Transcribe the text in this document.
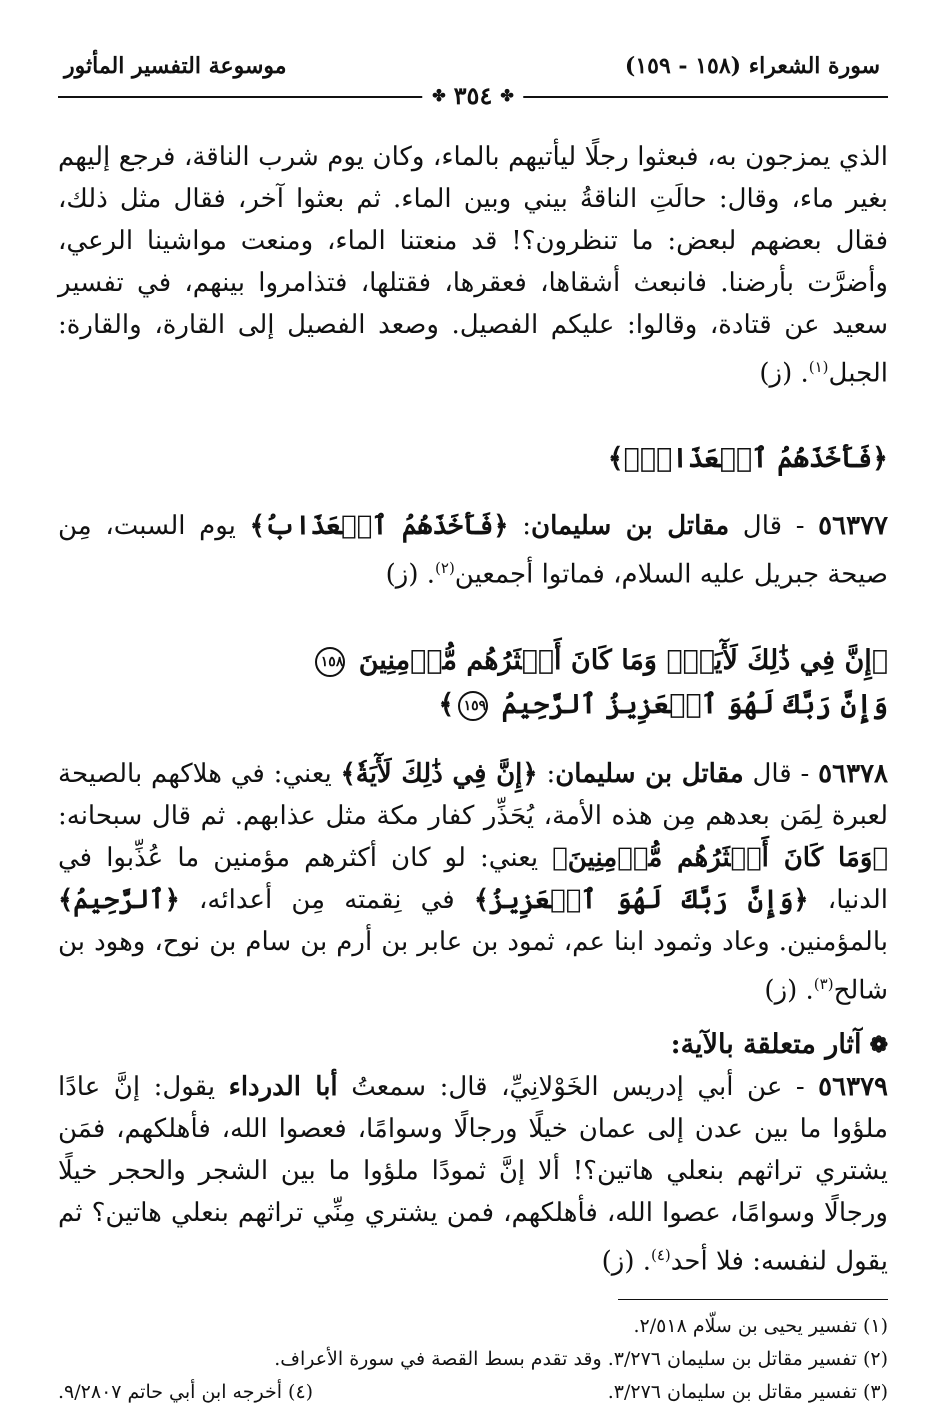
سورة الشعراء (١٥٨ - ١٥٩)
موسوعة التفسير المأثور
✤
٣٥٤
✤

الذي يمزجون به، فبعثوا رجلًا ليأتيهم بالماء، وكان يوم شرب الناقة، فرجع إليهم بغير ماء، وقال: حالَتِ الناقةُ بيني وبين الماء. ثم بعثوا آخر، فقال مثل ذلك، فقال بعضهم لبعض: ما تنظرون؟! قد منعتنا الماء، ومنعت مواشينا الرعي، وأضرَّت بأرضنا. فانبعث أشقاها، فعقرها، فقتلها، فتذامروا بينهم، في تفسير سعيد عن قتادة، وقالوا: عليكم الفصيل. وصعد الفصيل إلى القارة، والقارة: الجبل$^{(١)}$. (ز)

﴿فَأَخَذَهُمُ ٱلۡعَذَابُۚ﴾

٥٦٣٧٧ - قال مقاتل بن سليمان: ﴿فَأَخَذَهُمُ ٱلۡعَذَابُ﴾ يوم السبت، مِن صيحة جبريل عليه السلام، فماتوا أجمعين$^{(٢)}$. (ز)

﴿إِنَّ فِي ذَٰلِكَ لَأٓيَةٗۖ وَمَا كَانَ أَكۡثَرُهُم مُّؤۡمِنِينَ ١٥٨

وَإِنَّ رَبَّكَ لَهُوَ ٱلۡعَزِيزُ ٱلرَّحِيمُ ١٥٩﴾

٥٦٣٧٨ - قال مقاتل بن سليمان: ﴿إِنَّ فِي ذَٰلِكَ لَأٓيَةٗ﴾ يعني: في هلاكهم بالصيحة لعبرة لِمَن بعدهم مِن هذه الأمة، يُحَذِّر كفار مكة مثل عذابهم. ثم قال سبحانه: ﴿وَمَا كَانَ أَكۡثَرُهُم مُّؤۡمِنِينَ﴾ يعني: لو كان أكثرهم مؤمنين ما عُذِّبوا في الدنيا، ﴿وَإِنَّ رَبَّكَ لَهُوَ ٱلۡعَزِيزُ﴾ في نِقمته مِن أعدائه، ﴿ٱلرَّحِيمُ﴾ بالمؤمنين. وعاد وثمود ابنا عم، ثمود بن عابر بن أرم بن سام بن نوح، وهود بن شالح$^{(٣)}$. (ز)

❁
آثار متعلقة بالآية:

٥٦٣٧٩ - عن أبي إدريس الخَوْلانِيِّ، قال: سمعتُ أبا الدرداء يقول: إنَّ عادًا ملؤوا ما بين عدن إلى عمان خيلًا ورجالًا وسوامًا، فعصوا الله، فأهلكهم، فمَن يشتري تراثهم بنعلي هاتين؟! ألا إنَّ ثمودًا ملؤوا ما بين الشجر والحجر خيلًا ورجالًا وسوامًا، عصوا الله، فأهلكهم، فمن يشتري مِنِّي تراثهم بنعلي هاتين؟ ثم يقول لنفسه: فلا أحد$^{(٤)}$. (ز)

(١) تفسير يحيى بن سلّام ٢/٥١٨.
(٢) تفسير مقاتل بن سليمان ٣/٢٧٦. وقد تقدم بسط القصة في سورة الأعراف.
(٣) تفسير مقاتل بن سليمان ٣/٢٧٦.
(٤) أخرجه ابن أبي حاتم ٩/٢٨٠٧.
